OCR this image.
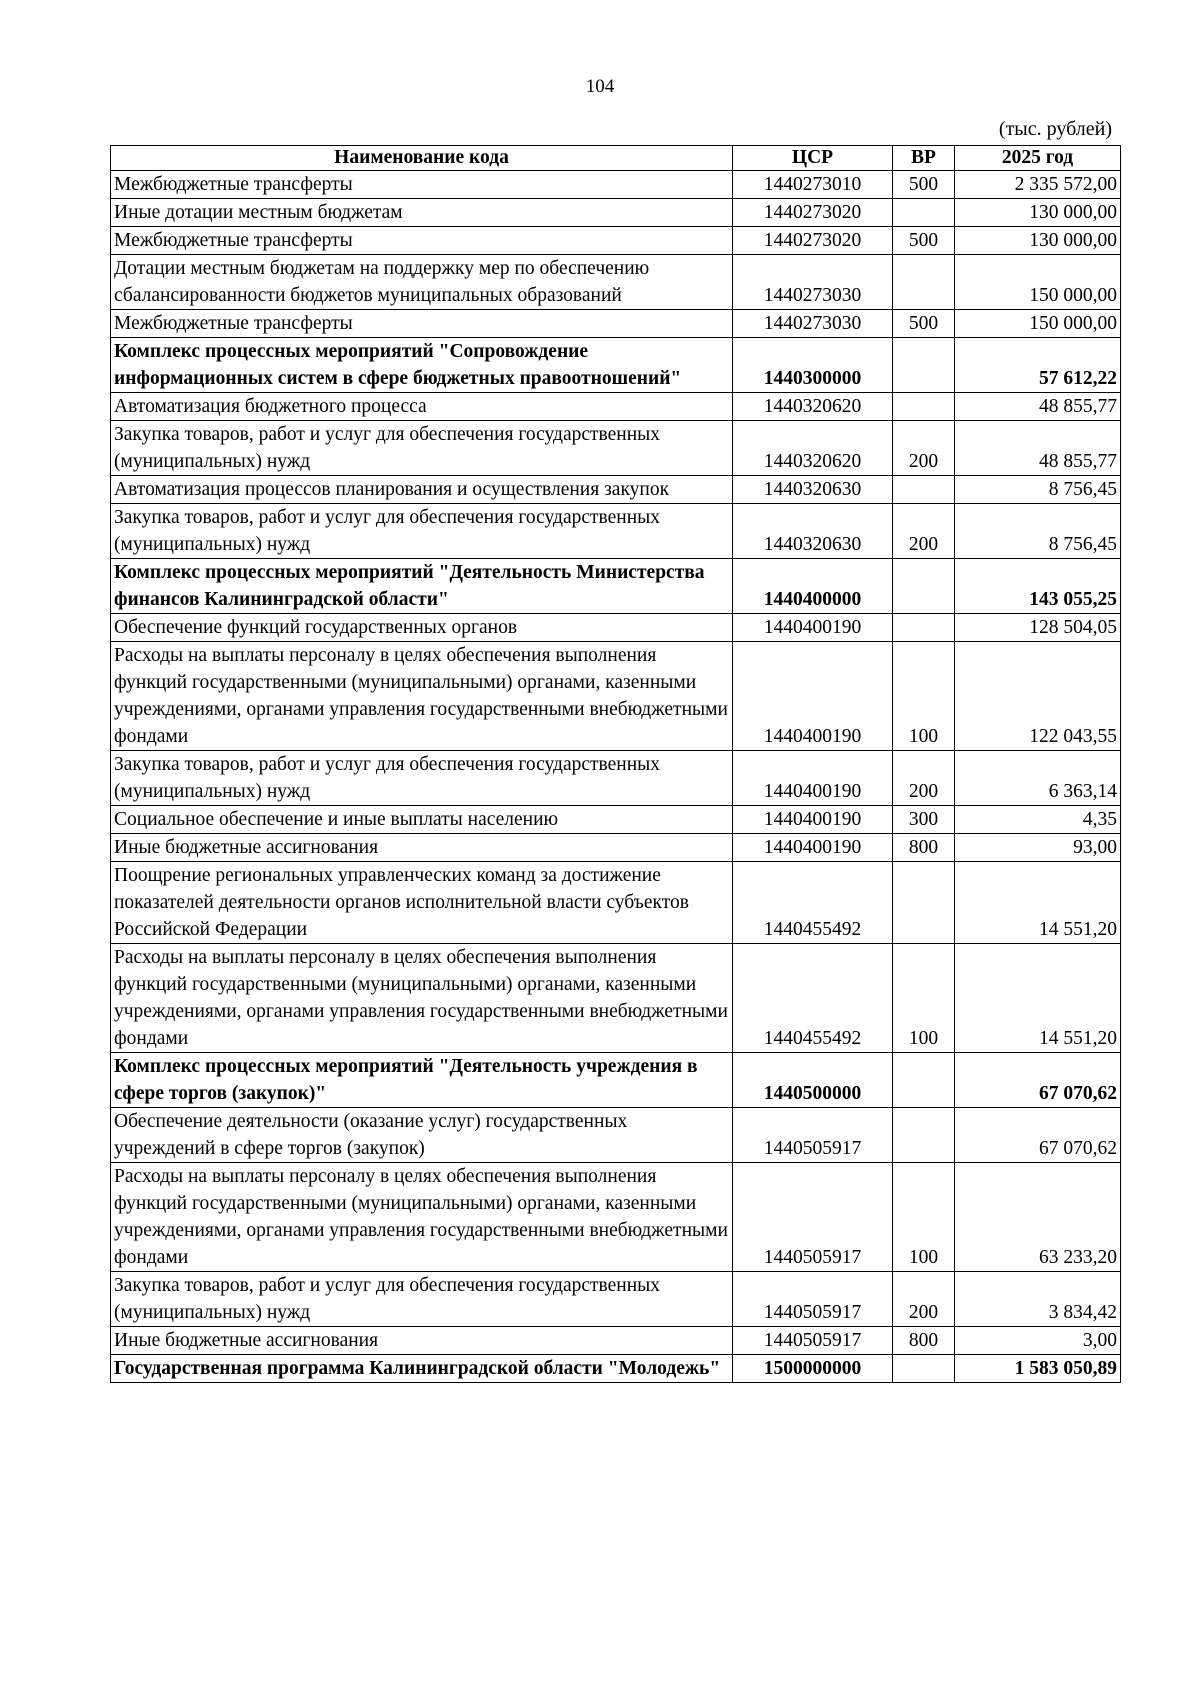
104
(тыс. рублей)
Наименование кода	ЦСР	ВР	2025 год
Межбюджетные трансферты	1440273010	500	2 335 572,00
Иные дотации местным бюджетам	1440273020		130 000,00
Межбюджетные трансферты	1440273020	500	130 000,00
Дотации местным бюджетам на поддержку мер по обеспечению сбалансированности бюджетов муниципальных образований	1440273030		150 000,00
Межбюджетные трансферты	1440273030	500	150 000,00
Комплекс процессных мероприятий "Сопровождение информационных систем в сфере бюджетных правоотношений"	1440300000		57 612,22
Автоматизация бюджетного процесса	1440320620		48 855,77
Закупка товаров, работ и услуг для обеспечения государственных (муниципальных) нужд	1440320620	200	48 855,77
Автоматизация процессов планирования и осуществления закупок	1440320630		8 756,45
Закупка товаров, работ и услуг для обеспечения государственных (муниципальных) нужд	1440320630	200	8 756,45
Комплекс процессных мероприятий "Деятельность Министерства финансов Калининградской области"	1440400000		143 055,25
Обеспечение функций государственных органов	1440400190		128 504,05
Расходы на выплаты персоналу в целях обеспечения выполнения функций государственными (муниципальными) органами, казенными учреждениями, органами управления государственными внебюджетными фондами	1440400190	100	122 043,55
Закупка товаров, работ и услуг для обеспечения государственных (муниципальных) нужд	1440400190	200	6 363,14
Социальное обеспечение и иные выплаты населению	1440400190	300	4,35
Иные бюджетные ассигнования	1440400190	800	93,00
Поощрение региональных управленческих команд за достижение показателей деятельности органов исполнительной власти субъектов Российской Федерации	1440455492		14 551,20
Расходы на выплаты персоналу в целях обеспечения выполнения функций государственными (муниципальными) органами, казенными учреждениями, органами управления государственными внебюджетными фондами	1440455492	100	14 551,20
Комплекс процессных мероприятий "Деятельность учреждения в сфере торгов (закупок)"	1440500000		67 070,62
Обеспечение деятельности (оказание услуг) государственных учреждений в сфере торгов (закупок)	1440505917		67 070,62
Расходы на выплаты персоналу в целях обеспечения выполнения функций государственными (муниципальными) органами, казенными учреждениями, органами управления государственными внебюджетными фондами	1440505917	100	63 233,20
Закупка товаров, работ и услуг для обеспечения государственных (муниципальных) нужд	1440505917	200	3 834,42
Иные бюджетные ассигнования	1440505917	800	3,00
Государственная программа Калининградской области "Молодежь"	1500000000		1 583 050,89
